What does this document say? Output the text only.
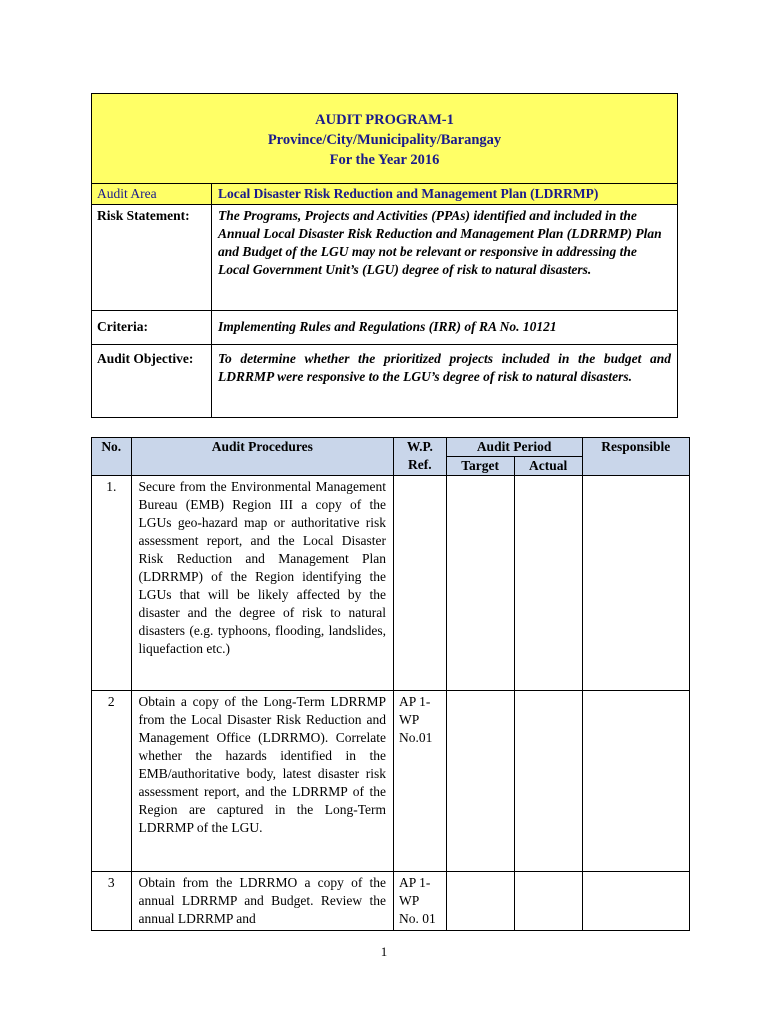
AUDIT PROGRAM-1
Province/City/Municipality/Barangay
For the Year 2016
Audit Area	Local Disaster Risk Reduction and Management Plan (LDRRMP)
Risk Statement:	The Programs, Projects and Activities (PPAs) identified and included in the Annual Local Disaster Risk Reduction and Management Plan (LDRRMP) Plan and Budget of the LGU may not be relevant or responsive in addressing the Local Government Unit’s (LGU) degree of risk to natural disasters.
Criteria:	Implementing Rules and Regulations (IRR) of RA No. 10121
Audit Objective:	To determine whether the prioritized projects included in the budget and LDRRMP were responsive to the LGU’s degree of risk to natural disasters.
No.	Audit Procedures	W.P. Ref.	Audit Period		Responsible
			Target	Actual	
1.	Secure from the Environmental Management Bureau (EMB) Region III a copy of the LGUs geo-hazard map or authoritative risk assessment report, and the Local Disaster Risk Reduction and Management Plan (LDRRMP) of the Region identifying the LGUs that will be likely affected by the disaster and the degree of risk to natural disasters (e.g. typhoons, flooding, landslides, liquefaction etc.)				
2	Obtain a copy of the Long-Term LDRRMP from the Local Disaster Risk Reduction and Management Office (LDRRMO). Correlate whether the hazards identified in the EMB/authoritative body, latest disaster risk assessment report, and the LDRRMP of the Region are captured in the Long-Term LDRRMP of the LGU.	AP 1-WP No.01			
3	Obtain from the LDRRMO a copy of the annual LDRRMP and Budget. Review the annual LDRRMP and	AP 1-WP No. 01			
1
